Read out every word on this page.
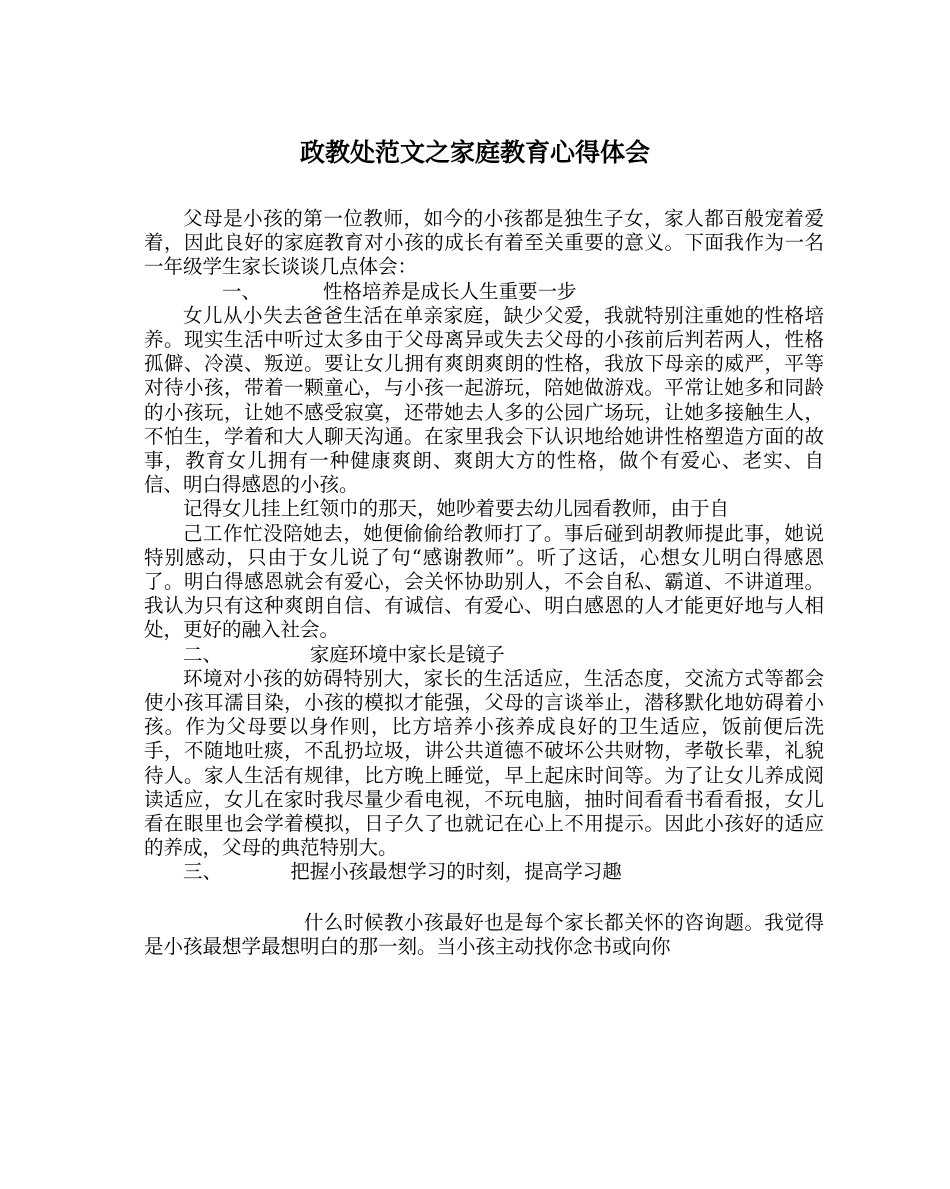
政教处范文之家庭教育心得体会

父母是小孩的第一位教师，如今的小孩都是独生子女，家人都百般宠着爱着，因此良好的家庭教育对小孩的成长有着至关重要的意义。下面我作为一名一年级学生家长谈谈几点体会：

一、	性格培养是成长人生重要一步

女儿从小失去爸爸生活在单亲家庭，缺少父爱，我就特别注重她的性格培养。现实生活中听过太多由于父母离异或失去父母的小孩前后判若两人，性格孤僻、冷漠、叛逆。要让女儿拥有爽朗爽朗的性格，我放下母亲的威严，平等对待小孩，带着一颗童心，与小孩一起游玩，陪她做游戏。平常让她多和同龄的小孩玩，让她不感受寂寞，还带她去人多的公园广场玩，让她多接触生人，不怕生，学着和大人聊天沟通。在家里我会下认识地给她讲性格塑造方面的故事，教育女儿拥有一种健康爽朗、爽朗大方的性格，做个有爱心、老实、自信、明白得感恩的小孩。

记得女儿挂上红领巾的那天，她吵着要去幼儿园看教师，由于自

己工作忙没陪她去，她便偷偷给教师打了。事后碰到胡教师提此事，她说特别感动，只由于女儿说了句“感谢教师”。听了这话，心想女儿明白得感恩了。明白得感恩就会有爱心，会关怀协助别人，不会自私、霸道、不讲道理。我认为只有这种爽朗自信、有诚信、有爱心、明白感恩的人才能更好地与人相处，更好的融入社会。

二、　　　　　家庭环境中家长是镜子

环境对小孩的妨碍特别大，家长的生活适应，生活态度，交流方式等都会使小孩耳濡目染，小孩的模拟才能强，父母的言谈举止，潜移默化地妨碍着小孩。作为父母要以身作则，比方培养小孩养成良好的卫生适应，饭前便后洗手，不随地吐痰，不乱扔垃圾，讲公共道德不破坏公共财物，孝敬长辈，礼貌待人。家人生活有规律，比方晚上睡觉，早上起床时间等。为了让女儿养成阅读适应，女儿在家时我尽量少看电视，不玩电脑，抽时间看看书看看报，女儿看在眼里也会学着模拟，日子久了也就记在心上不用提示。因此小孩好的适应的养成，父母的典范特别大。

三、　　　　把握小孩最想学习的时刻，提高学习趣

什么时候教小孩最好也是每个家长都关怀的咨询题。我觉得是小孩最想学最想明白的那一刻。当小孩主动找你念书或向你
